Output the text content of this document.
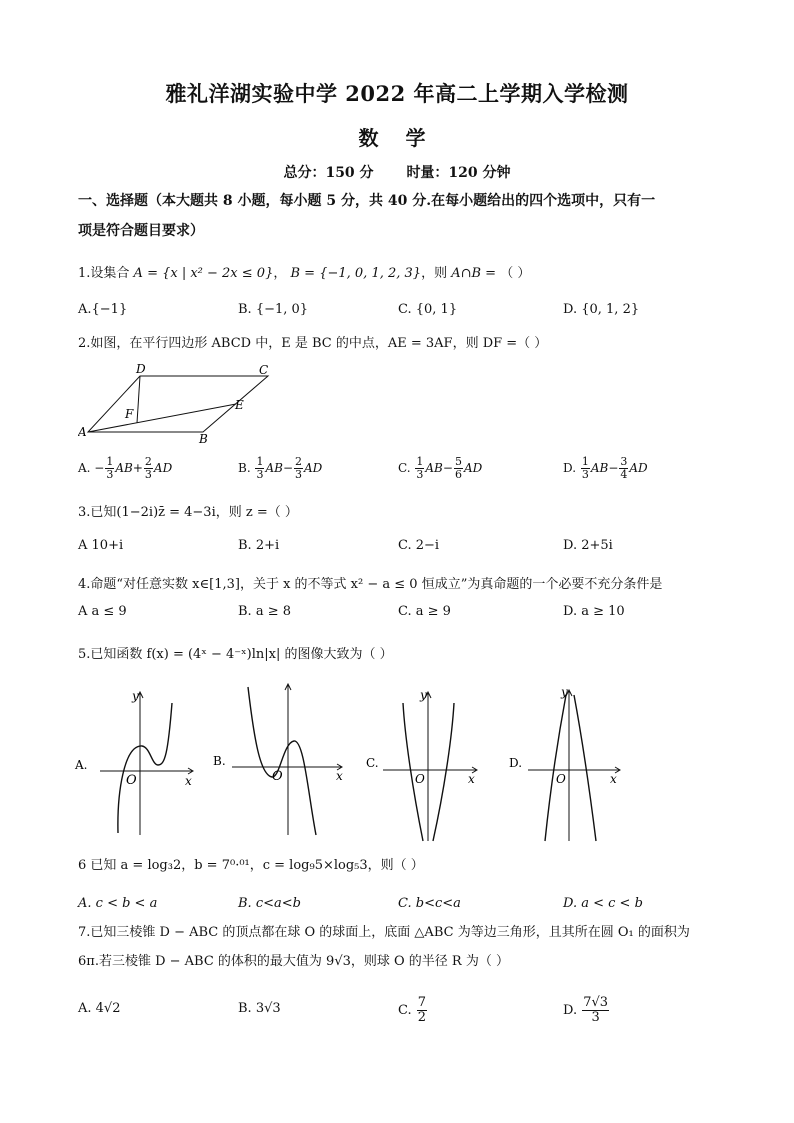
雅礼洋湖实验中学 2022 年高二上学期入学检测
数 学
总分：150 分 时量：120 分钟
一、选择题（本大题共 8 小题，每小题 5 分，共 40 分.在每小题给出的四个选项中，只有一
项是符合题目要求）
1.设集合 A = {x | x² − 2x ≤ 0}， B = {−1, 0, 1, 2, 3}，则 A∩B = （ ）
A.{−1}	B. {−1, 0}	C. {0, 1}	D. {0, 1, 2}
2.如图，在平行四边形 ABCD 中，E 是 BC 的中点，AE = 3AF，则 DF =（ ）
A	B
C
D
E
F
A. − $\frac{1}{3} AB+ \frac{2}{3}$ AD	B. $\frac{1}{3} AB- \frac{2}{3}$ AD	C. $\frac{1}{3} AB- \frac{5}{6}$ AD	D. $\frac{1}{3} AB- \frac{3}{4}$ AD
3.已知(1−2i)z̄ = 4−3i，则 z =（ ）
A 10+i	B. 2+i	C. 2−i	D. 2+5i
4.命题“对任意实数 x∈[1,3]，关于 x 的不等式 x² − a ≤ 0 恒成立”为真命题的一个必要不充分条件是
A a ≤ 9	B. a ≥ 8	C. a ≥ 9	D. a ≥ 10
5.已知函数 f(x) = (4ˣ − 4⁻ˣ)ln|x| 的图像大致为（ ）
A.
y
x
O
B.
O	x
C.
y
O	x
D.
y
O	x
6 已知 a = log₃2，b = 7⁰·⁰¹，c = log₉5×log₅3，则（ ）
A. c < b < a	B. c<a<b	C. b<c<a	D. a < c < b
7.已知三棱锥 D − ABC 的顶点都在球 O 的球面上，底面 △ABC 为等边三角形，且其所在圆 O₁ 的面积为
6π.若三棱锥 D − ABC 的体积的最大值为 9√3，则球 O 的半径 R 为（ ）
A. 4√2	B. 3√3	C. $\frac{7}{2}$	D. $\frac{7√3}{3}$
